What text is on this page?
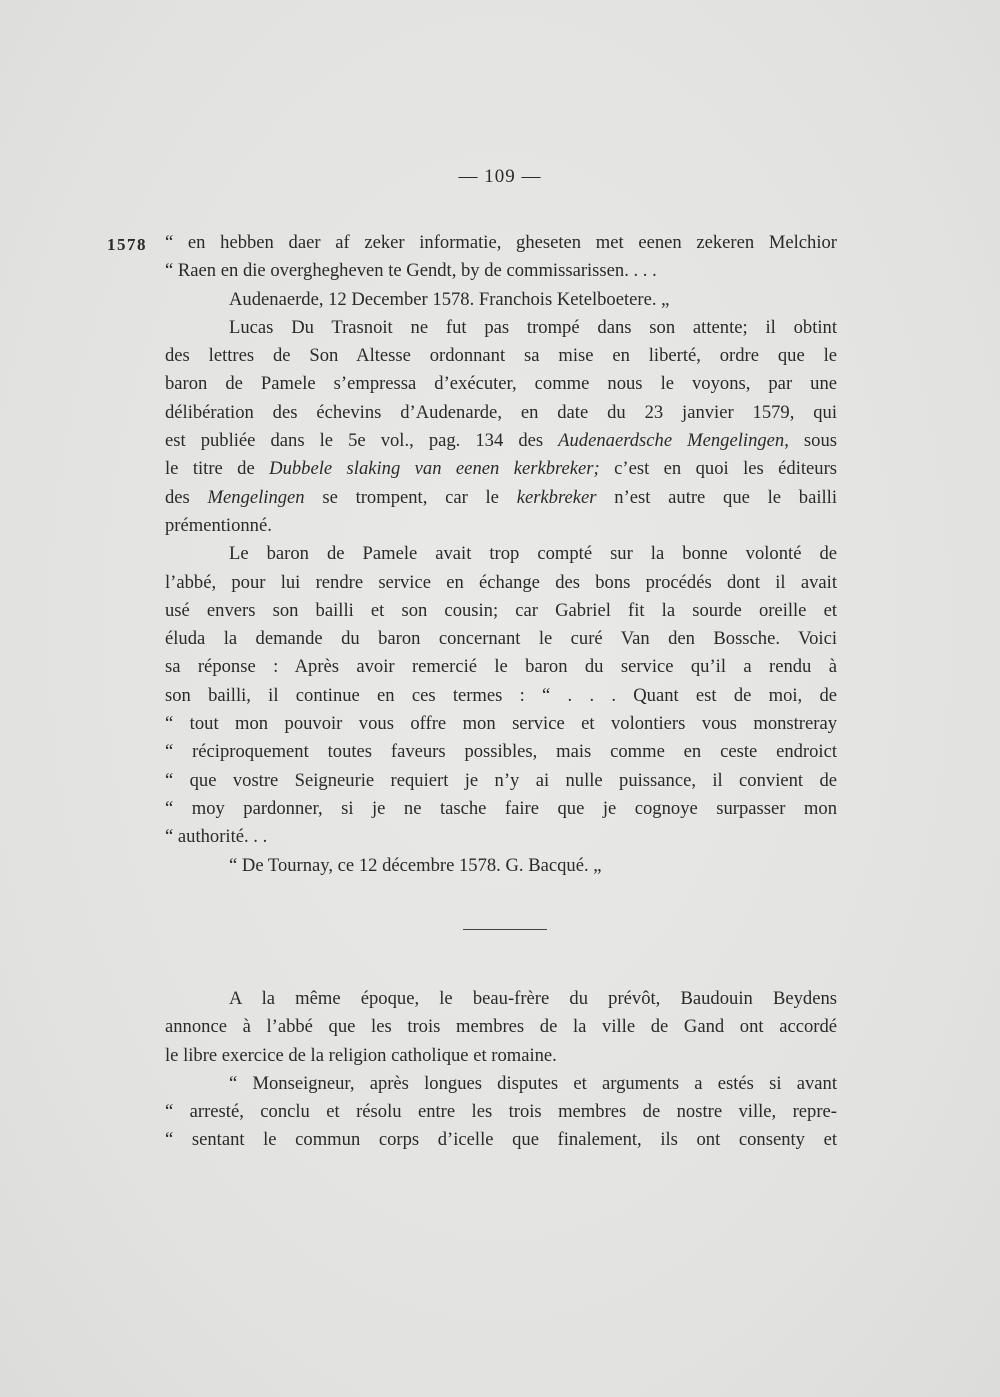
— 109 —
1578 “ en hebben daer af zeker informatie, gheseten met eenen zekeren Melchior
“ Raen en die overghegheven te Gendt, by de commissarissen. . . .
Audenaerde, 12 December 1578. Franchois Ketelboetere. „
Lucas Du Trasnoit ne fut pas trompé dans son attente; il obtint
des lettres de Son Altesse ordonnant sa mise en liberté, ordre que le
baron de Pamele s’empressa d’exécuter, comme nous le voyons, par une
délibération des échevins d’Audenarde, en date du 23 janvier 1579, qui
est publiée dans le 5e vol., pag. 134 des Audenaerdsche Mengelingen, sous
le titre de Dubbele slaking van eenen kerkbreker; c’est en quoi les éditeurs
des Mengelingen se trompent, car le kerkbreker n’est autre que le bailli
prémentionné.
Le baron de Pamele avait trop compté sur la bonne volonté de
l’abbé, pour lui rendre service en échange des bons procédés dont il avait
usé envers son bailli et son cousin; car Gabriel fit la sourde oreille et
éluda la demande du baron concernant le curé Van den Bossche. Voici
sa réponse : Après avoir remercié le baron du service qu’il a rendu à
son bailli, il continue en ces termes : “ . . . Quant est de moi, de
“ tout mon pouvoir vous offre mon service et volontiers vous monstreray
“ réciproquement toutes faveurs possibles, mais comme en ceste endroict
“ que vostre Seigneurie requiert je n’y ai nulle puissance, il convient de
“ moy pardonner, si je ne tasche faire que je cognoye surpasser mon
“ authorité. . .
“ De Tournay, ce 12 décembre 1578. G. Bacqué. „
A la même époque, le beau-frère du prévôt, Baudouin Beydens
annonce à l’abbé que les trois membres de la ville de Gand ont accordé
le libre exercice de la religion catholique et romaine.
“ Monseigneur, après longues disputes et arguments a estés si avant
“ arresté, conclu et résolu entre les trois membres de nostre ville, repre-
“ sentant le commun corps d’icelle que finalement, ils ont consenty et
